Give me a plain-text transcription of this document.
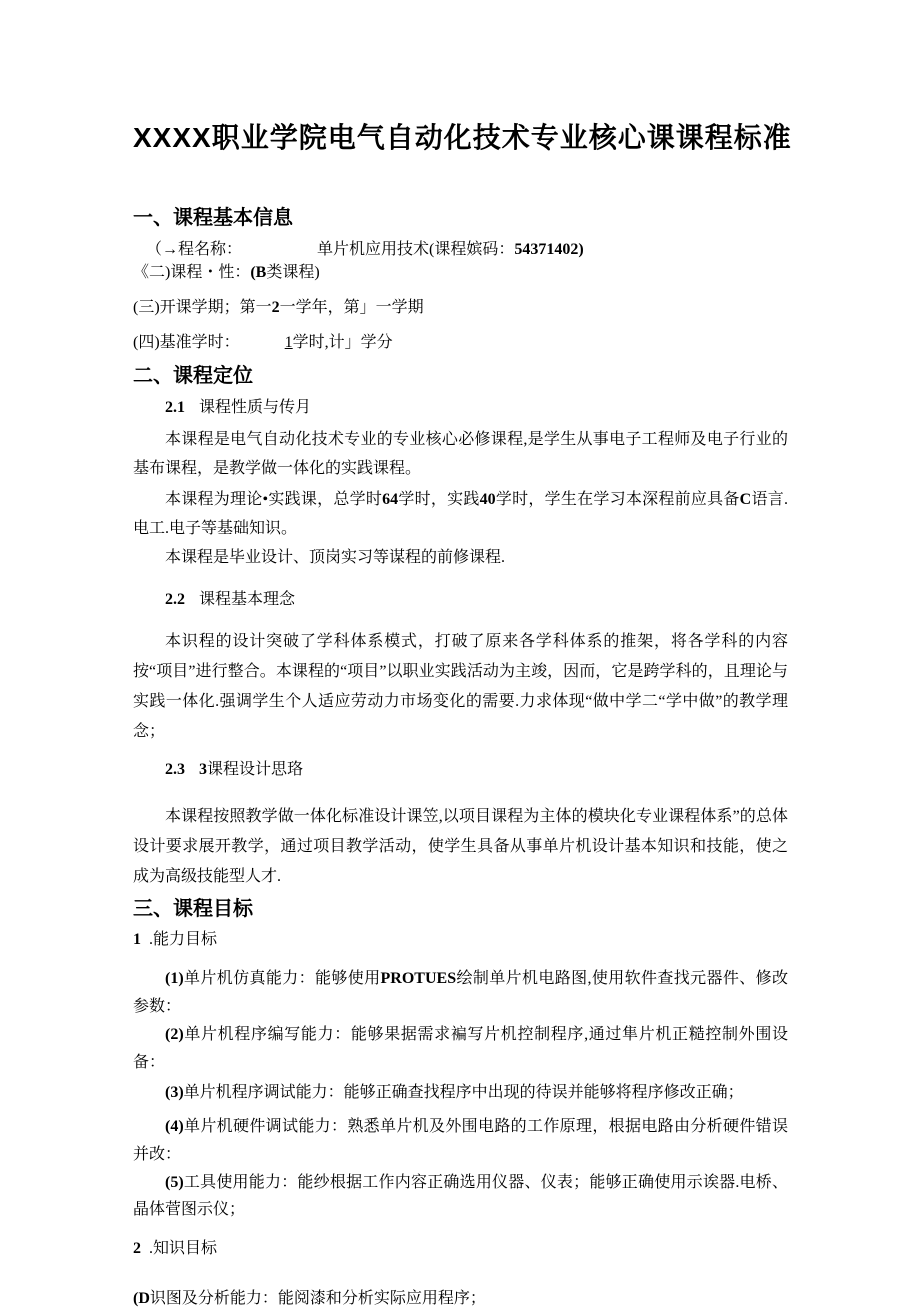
XXXX职业学院电气自动化技术专业核心课课程标准
一、课程基本信息
（→程名称：	单片机应用技术(课程嫔码：54371402)
《二)课程・性：(B类课程)
(三)开课学期；第一2一学年，第」一学期
(四)基准学时：	1学时,计」学分
二、课程定位
2.1 课程性质与传月

本课程是电气自动化技术专业的专业核心必修课程,是学生从事电子工程师及电子行业的基布课程，是教学做一体化的实践课程。

本课程为理论•实践课，总学时64学时，实践40学时，学生在学习本深程前应具备C语言.电工.电子等基础知识。

本课程是毕业设计、顶岗实习等谋程的前修课程.

2.2 课程基本理念

本识程的设计突破了学科体系模式，打破了原来各学科体系的推架，将各学科的内容按“项目”进行整合。本课程的“项目”以职业实践活动为主竣，因而，它是跨学科的，且理论与实践一体化.强调学生个人适应劳动力市场变化的需要.力求体现“做中学二“学中做”的教学理念；

2.3 3课程设计思珞

本课程按照教学做一体化标准设计课笠,以项目课程为主体的模块化专业课程体系”的总体设计要求展开教学，通过项目教学活动，使学生具备从事单片机设计基本知识和技能，使之成为高级技能型人才.

三、课程目标
1 .能力目标

(1)单片机仿真能力：能够使用PROTUES绘制单片机电路图,使用软件查找元器件、修改参数：

(2)单片机程序编写能力：能够果据需求褊写片机控制程序,通过隼片机正糙控制外围设备：

(3)单片机程序调试能力：能够正确查找程序中出现的待误并能够将程序修改正确；

(4)单片机硬件调试能力：熟悉单片机及外围电路的工作原理，根据电路由分析硬件错误并改：

(5)工具使用能力：能纱根据工作内容正确选用仪器、仪表；能够正确使用示诶器.电桥、晶体菅图示仪；

2 .知识目标

(D识图及分析能力：能阅漆和分析实际应用程序；
